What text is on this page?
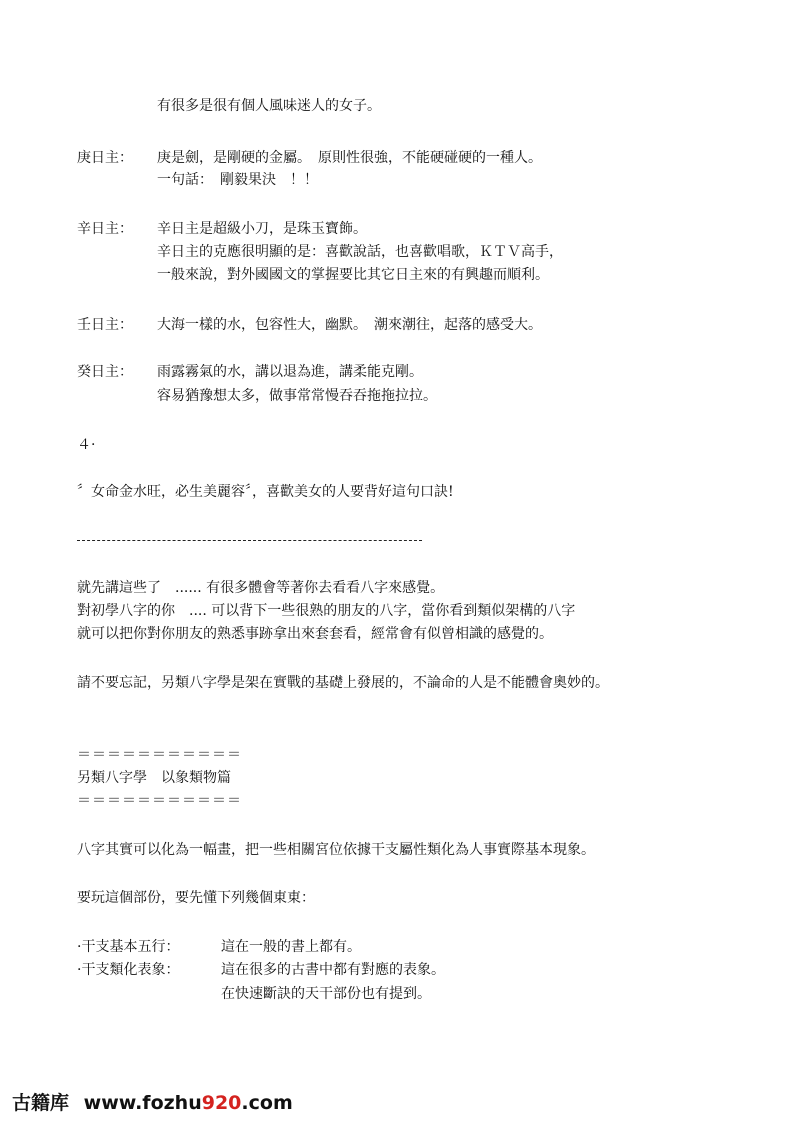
有很多是很有個人風味迷人的女子。
庚日主： 庚是劍，是剛硬的金屬。　原則性很強，不能硬碰硬的一種人。
一句話：　剛毅果決　！！
辛日主： 辛日主是超級小刀，是珠玉寶飾。
辛日主的克應很明顯的是：喜歡說話，也喜歡唱歌，ＫＴＶ高手，
一般來說，對外國國文的掌握要比其它日主來的有興趣而順利。
壬日主： 大海一樣的水，包容性大，幽默。　潮來潮往，起落的感受大。
癸日主： 雨露霧氣的水，講以退為進，講柔能克剛。
容易猶豫想太多，做事常常慢吞吞拖拖拉拉。
４·
〞女命金水旺，必生美麗容〞，喜歡美女的人要背好這句口訣!
就先講這些了　...... 有很多體會等著你去看看八字來感覺。
對初學八字的你　.... 可以背下一些很熟的朋友的八字，當你看到類似架構的八字
就可以把你對你朋友的熟悉事跡拿出來套套看，經常會有似曾相識的感覺的。
請不要忘記，另類八字學是架在實戰的基礎上發展的，不論命的人是不能體會奧妙的。
＝＝＝＝＝＝＝＝＝＝＝
另類八字學　以象類物篇
＝＝＝＝＝＝＝＝＝＝＝
八字其實可以化為一幅畫，把一些相關宮位依據干支屬性類化為人事實際基本現象。
要玩這個部份，要先懂下列幾個東東：
·干支基本五行：	這在一般的書上都有。
·干支類化表象：	這在很多的古書中都有對應的表象。
在快速斷訣的天干部份也有提到。
古籍库 www.fozhu920.com
